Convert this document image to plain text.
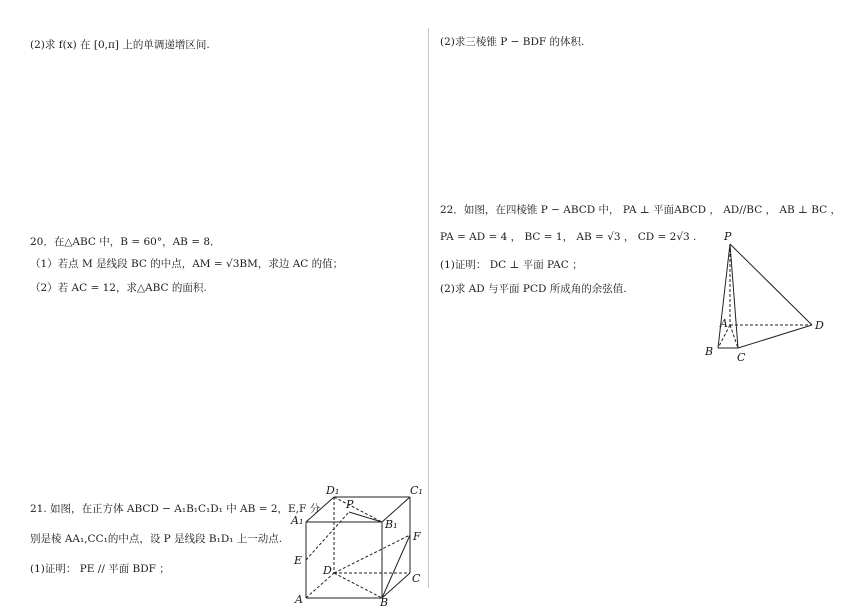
(2)求 f(x) 在 [0,π] 上的单调递增区间.
20．在△ABC 中，B = 60°，AB = 8．
（1）若点 M 是线段 BC 的中点，AM = √3BM，求边 AC 的值；
（2）若 AC = 12，求△ABC 的面积.
21. 如图，在正方体 ABCD − A₁B₁C₁D₁ 中 AB = 2，E,F 分
别是棱 AA₁,CC₁的中点，设 P 是线段 B₁D₁ 上一动点.
(1)证明： PE // 平面 BDF ；
D₁	C₁
A₁	B₁
P
E
F
D
C
A	B
(2)求三棱锥 P − BDF 的体积.
22．如图，在四棱锥 P − ABCD 中， PA ⊥ 平面ABCD ， AD//BC ， AB ⊥ BC ，
PA = AD = 4 ， BC = 1， AB = √3 ， CD = 2√3 .
(1)证明： DC ⊥ 平面 PAC ；
(2)求 AD 与平面 PCD 所成角的余弦值.
P
A
B C
D
